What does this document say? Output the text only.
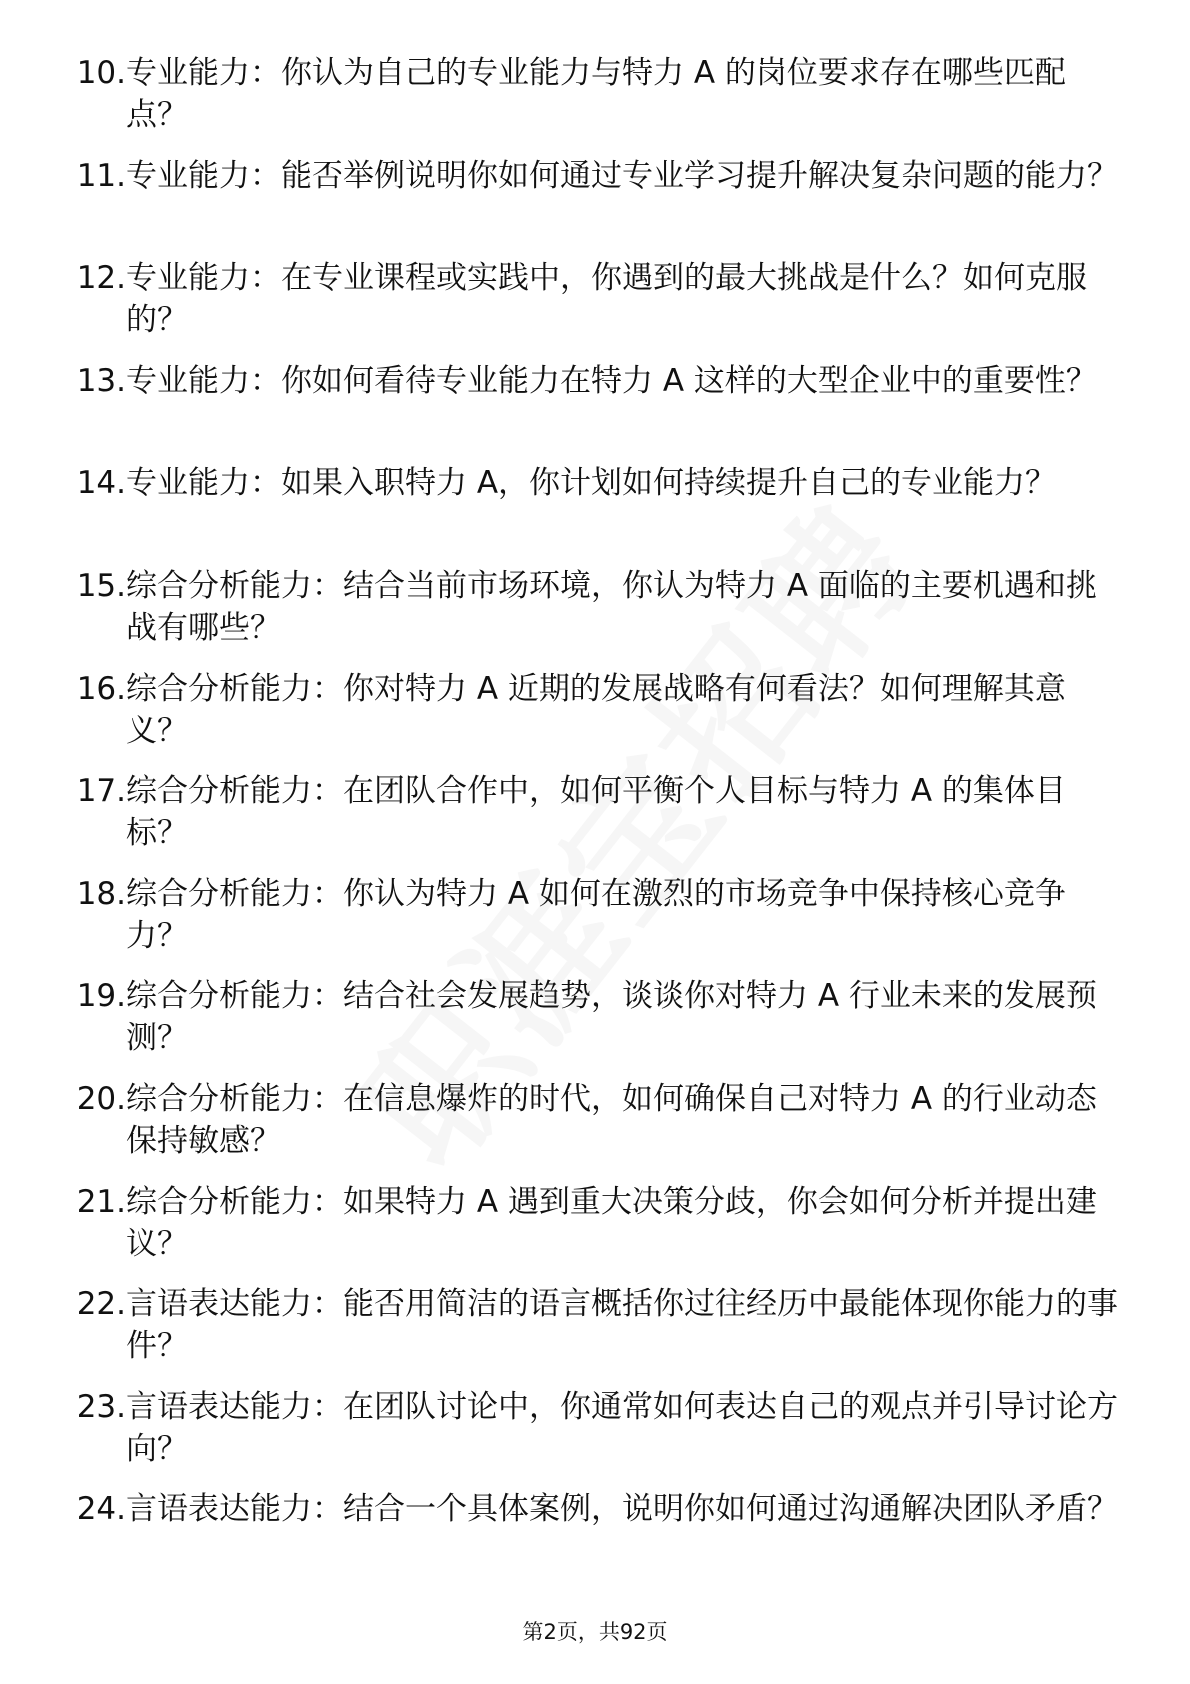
10. 专业能力：你认为自己的专业能力与特力 A 的岗位要求存在哪些匹配点？
11. 专业能力：能否举例说明你如何通过专业学习提升解决复杂问题的能力？
12. 专业能力：在专业课程或实践中，你遇到的最大挑战是什么？如何克服的？
13. 专业能力：你如何看待专业能力在特力 A 这样的大型企业中的重要性？
14. 专业能力：如果入职特力 A，你计划如何持续提升自己的专业能力？
15. 综合分析能力：结合当前市场环境，你认为特力 A 面临的主要机遇和挑战有哪些？
16. 综合分析能力：你对特力 A 近期的发展战略有何看法？如何理解其意义？
17. 综合分析能力：在团队合作中，如何平衡个人目标与特力 A 的集体目标？
18. 综合分析能力：你认为特力 A 如何在激烈的市场竞争中保持核心竞争力？
19. 综合分析能力：结合社会发展趋势，谈谈你对特力 A 行业未来的发展预测？
20. 综合分析能力：在信息爆炸的时代，如何确保自己对特力 A 的行业动态保持敏感？
21. 综合分析能力：如果特力 A 遇到重大决策分歧，你会如何分析并提出建议？
22. 言语表达能力：能否用简洁的语言概括你过往经历中最能体现你能力的事件？
23. 言语表达能力：在团队讨论中，你通常如何表达自己的观点并引导讨论方向？
24. 言语表达能力：结合一个具体案例，说明你如何通过沟通解决团队矛盾？
第2页，共92页
